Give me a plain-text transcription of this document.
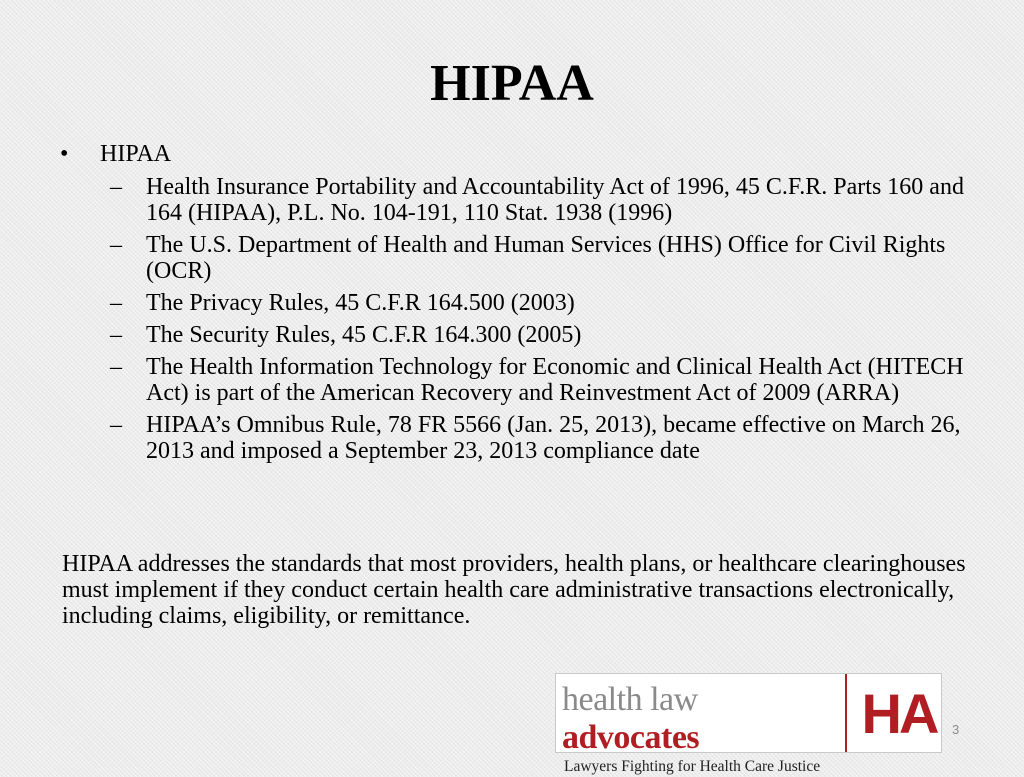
HIPAA
• HIPAA
– Health Insurance Portability and Accountability Act of 1996, 45 C.F.R. Parts 160 and 164 (HIPAA), P.L. No. 104-191, 110 Stat. 1938 (1996)
– The U.S. Department of Health and Human Services (HHS) Office for Civil Rights (OCR)
– The Privacy Rules, 45 C.F.R 164.500 (2003)
– The Security Rules, 45 C.F.R 164.300 (2005)
– The Health Information Technology for Economic and Clinical Health Act (HITECH Act) is part of the American Recovery and Reinvestment Act of 2009 (ARRA)
– HIPAA’s Omnibus Rule, 78 FR 5566 (Jan. 25, 2013), became effective on March 26, 2013 and imposed a September 23, 2013 compliance date
HIPAA addresses the standards that most providers, health plans, or healthcare clearinghouses must implement if they conduct certain health care administrative transactions electronically, including claims, eligibility, or remittance.
health law advocates
Lawyers Fighting for Health Care Justice
HA	3
